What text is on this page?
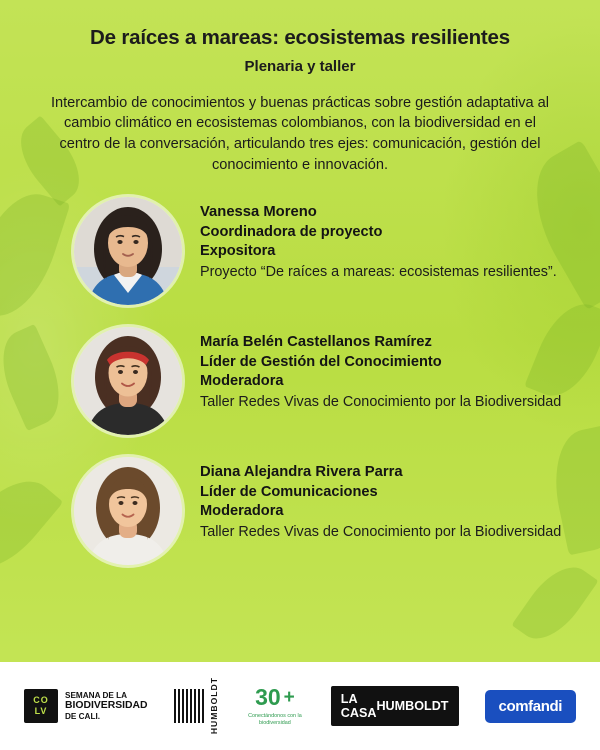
De raíces a mareas: ecosistemas resilientes
Plenaria y taller

Intercambio de conocimientos y buenas prácticas sobre gestión adaptativa al cambio climático en ecosistemas colombianos, con la biodiversidad en el centro de la conversación, articulando tres ejes: comunicación, gestión del conocimiento e innovación.

Vanessa Moreno
Coordinadora de proyecto
Expositora
Proyecto “De raíces a mareas: ecosistemas resilientes”.
María Belén Castellanos Ramírez
Líder de Gestión del Conocimiento
Moderadora
Taller Redes Vivas de Conocimiento por la Biodiversidad
Diana Alejandra Rivera Parra
Líder de Comunicaciones
Moderadora
Taller Redes Vivas de Conocimiento por la Biodiversidad
CO
LV
SEMANA DE LA
BIODIVERSIDAD
DE CALI.	HUMBOLDT 30 +
Conectándonos con la biodiversidad
LA CASA HUMBOLDT	comfandi
